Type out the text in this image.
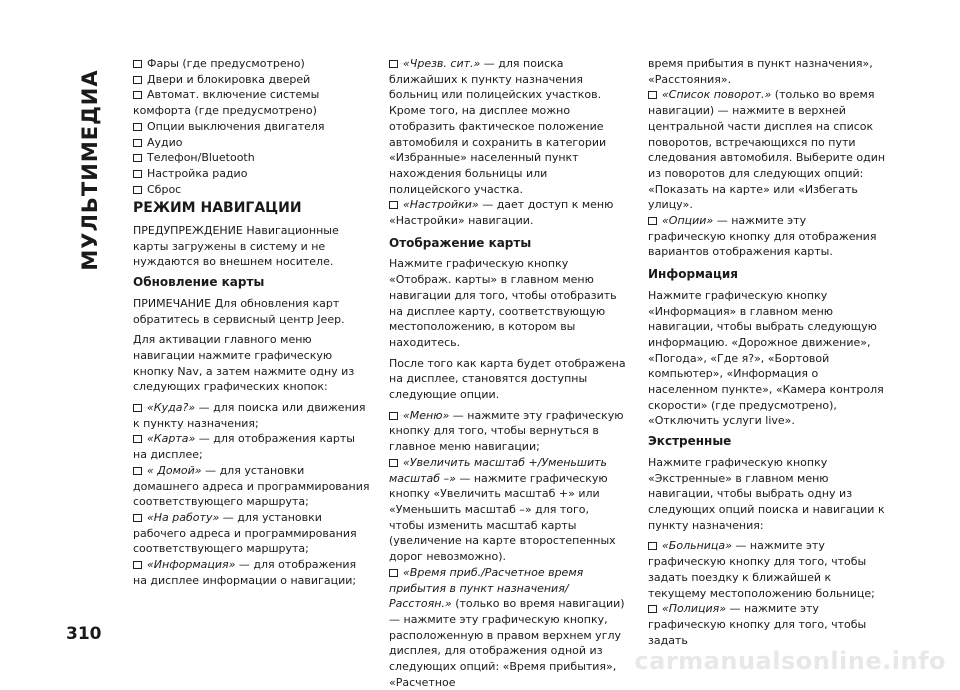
МУЛЬТИМЕДИА
Фары (где предусмотрено)
Двери и блокировка дверей
Автомат. включение системы комфорта (где предусмотрено)
Опции выключения двигателя
Аудио
Телефон/Bluetooth
Настройка радио
Сброс
РЕЖИМ НАВИГАЦИИ

ПРЕДУПРЕЖДЕНИЕ Навигационные карты загружены в систему и не нуждаются во внешнем носителе.

Обновление карты

ПРИМЕЧАНИЕ Для обновления карт обратитесь в сервисный центр Jeep.

Для активации главного меню навигации нажмите графическую кнопку Nav, а затем нажмите одну из следующих графических кнопок:

«Куда?» — для поиска или движения к пункту назначения;
«Карта» — для отображения карты на дисплее;
« Домой» — для установки домашнего адреса и программирования соответствующего маршрута;
«На работу» — для установки рабочего адреса и программирования соответствующего маршрута;
«Информация» — для отображения на дисплее информации о навигации;
«Чрезв. сит.» — для поиска ближайших к пункту назначения больниц или полицейских участков. Кроме того, на дисплее можно отобразить фактическое положение автомобиля и сохранить в категории «Избранные» населенный пункт нахождения больницы или полицейского участка.
«Настройки» — дает доступ к меню «Настройки» навигации.
Отображение карты

Нажмите графическую кнопку «Отображ. карты» в главном меню навигации для того, чтобы отобразить на дисплее карту, соответствующую местоположению, в котором вы находитесь.

После того как карта будет отображена на дисплее, становятся доступны следующие опции.

«Меню» — нажмите эту графическую кнопку для того, чтобы вернуться в главное меню навигации;
«Увеличить масштаб +/Уменьшить масштаб –» — нажмите графическую кнопку «Увеличить масштаб +» или «Уменьшить масштаб –» для того, чтобы изменить масштаб карты (увеличение на карте второстепенных дорог невозможно).
«Время приб./Расчетное время прибытия в пункт назначения/Расстоян.» (только во время навигации) — нажмите эту графическую кнопку, расположенную в правом верхнем углу дисплея, для отображения одной из следующих опций: «Время прибытия», «Расчетное

время прибытия в пункт назначения», «Расстояния».

«Список поворот.» (только во время навигации) — нажмите в верхней центральной части дисплея на список поворотов, встречающихся по пути следования автомобиля. Выберите один из поворотов для следующих опций: «Показать на карте» или «Избегать улицу».
«Опции» — нажмите эту графическую кнопку для отображения вариантов отображения карты.
Информация

Нажмите графическую кнопку «Информация» в главном меню навигации, чтобы выбрать следующую информацию. «Дорожное движение», «Погода», «Где я?», «Бортовой компьютер», «Информация о населенном пункте», «Камера контроля скорости» (где предусмотрено), «Отключить услуги live».

Экстренные

Нажмите графическую кнопку «Экстренные» в главном меню навигации, чтобы выбрать одну из следующих опций поиска и навигации к пункту назначения:

«Больница» — нажмите эту графическую кнопку для того, чтобы задать поездку к ближайшей к текущему местоположению больнице;
«Полиция» — нажмите эту графическую кнопку для того, чтобы задать
310
carmanualsonline.info
